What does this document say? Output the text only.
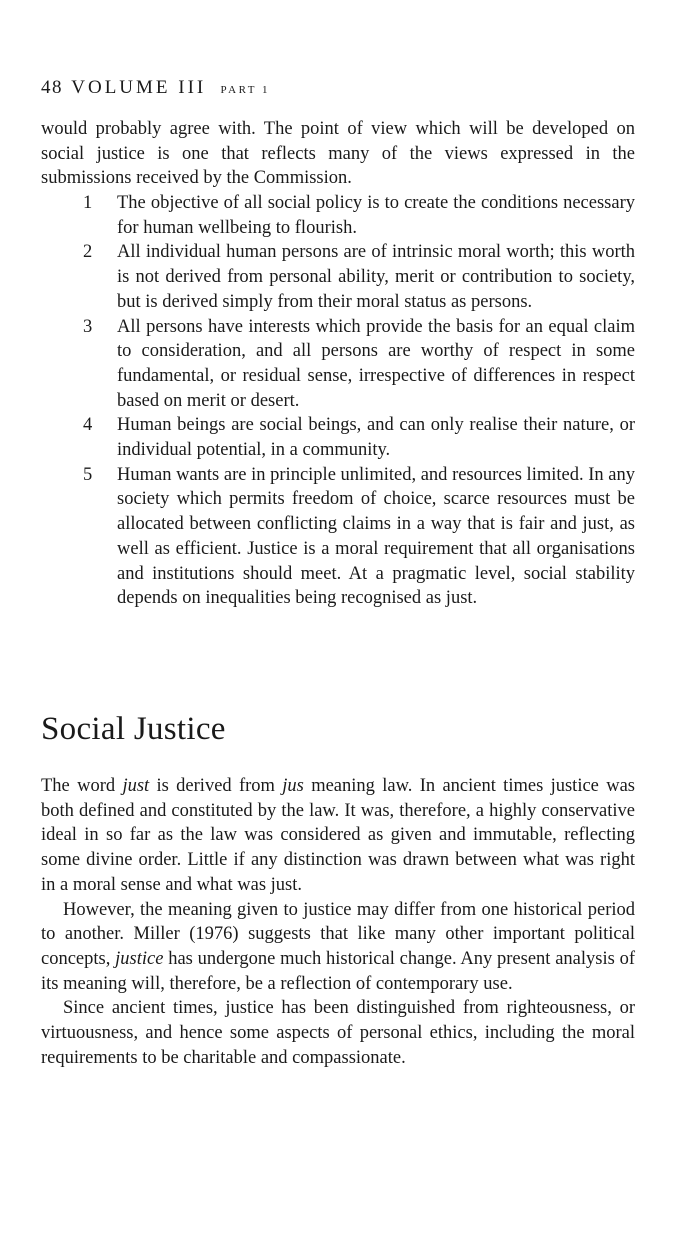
48 VOLUME III PART 1

would probably agree with. The point of view which will be developed on social justice is one that reflects many of the views expressed in the submissions received by the Commission.

1	The objective of all social policy is to create the conditions necessary for human wellbeing to flourish.
2	All individual human persons are of intrinsic moral worth; this worth is not derived from personal ability, merit or contribution to society, but is derived simply from their moral status as persons.
3	All persons have interests which provide the basis for an equal claim to consideration, and all persons are worthy of respect in some fundamental, or residual sense, irrespective of differences in respect based on merit or desert.
4	Human beings are social beings, and can only realise their nature, or individual potential, in a community.
5	Human wants are in principle unlimited, and resources limited. In any society which permits freedom of choice, scarce resources must be allocated between conflicting claims in a way that is fair and just, as well as efficient. Justice is a moral requirement that all organisations and institutions should meet. At a pragmatic level, social stability depends on inequalities being recognised as just.
Social Justice

The word just is derived from jus meaning law. In ancient times justice was both defined and constituted by the law. It was, therefore, a highly conservative ideal in so far as the law was considered as given and immutable, reflecting some divine order. Little if any distinction was drawn between what was right in a moral sense and what was just.

However, the meaning given to justice may differ from one historical period to another. Miller (1976) suggests that like many other important political concepts, justice has undergone much historical change. Any present analysis of its meaning will, therefore, be a reflection of contemporary use.

Since ancient times, justice has been distinguished from righteousness, or virtuousness, and hence some aspects of personal ethics, including the moral requirements to be charitable and compassionate.
